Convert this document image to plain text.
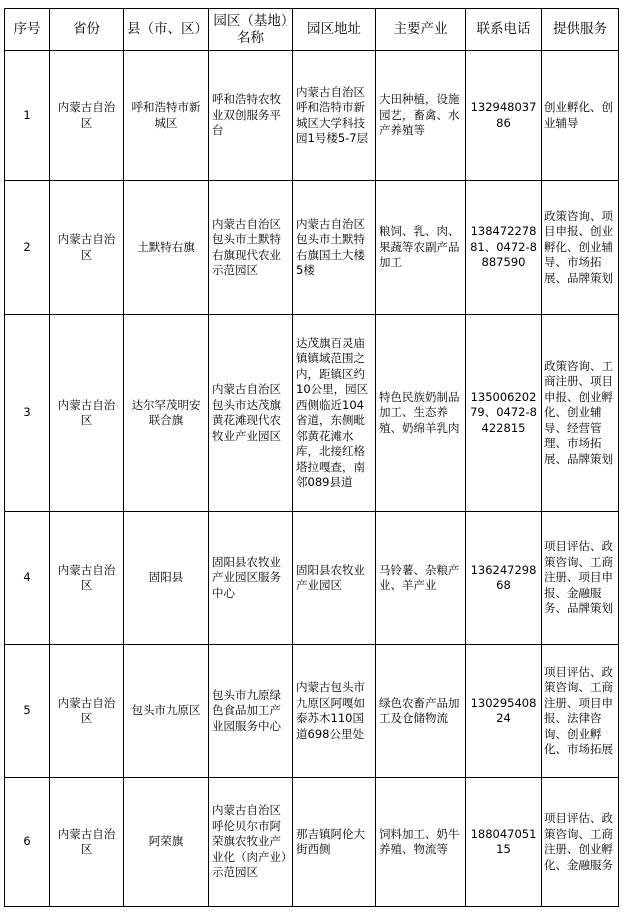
序号	省份	县（市、区）	园区（基地）名称	园区地址	主要产业	联系电话	提供服务
1	内蒙古自治区	呼和浩特市新城区	呼和浩特农牧业双创服务平台	内蒙古自治区呼和浩特市新城区大学科技园1号楼5-7层	大田种植，设施园艺，畜禽、水产养殖等	13294803786	创业孵化、创业辅导
2	内蒙古自治区	土默特右旗	内蒙古自治区包头市土默特右旗现代农业示范园区	内蒙古自治区包头市土默特右旗国土大楼5楼	粮饲、乳、肉、果蔬等农副产品加工	13847227881、0472-8887590	政策咨询、项目申报、创业孵化、创业辅导、市场拓展、品牌策划
3	内蒙古自治区	达尔罕茂明安联合旗	内蒙古自治区包头市达茂旗黄花滩现代农牧业产业园区	达茂旗百灵庙镇镇域范围之内，距镇区约10公里，园区西侧临近104省道，东侧毗邻黄花滩水库，北接红格塔拉嘎查，南邻089县道	特色民族奶制品加工、生态养殖、奶绵羊乳肉	13500620279、0472-8422815	政策咨询、工商注册、项目申报、创业孵化、创业辅导、经营管理、市场拓展、品牌策划
4	内蒙古自治区	固阳县	固阳县农牧业产业园区服务中心	固阳县农牧业产业园区	马铃薯、杂粮产业、羊产业	13624729868	项目评估、政策咨询、工商注册、项目申报、金融服务、品牌策划
5	内蒙古自治区	包头市九原区	包头市九原绿色食品加工产业园服务中心	内蒙古包头市九原区阿嘎如泰苏木110国道698公里处	绿色农畜产品加工及仓储物流	13029540824	项目评估、政策咨询、工商注册、项目申报、法律咨询、创业孵化、市场拓展
6	内蒙古自治区	阿荣旗	内蒙古自治区呼伦贝尔市阿荣旗农牧业产业化（肉产业）示范园区	那吉镇阿伦大街西侧	饲料加工、奶牛养殖、物流等	18804705115	项目评估、政策咨询、工商注册、创业孵化、金融服务
